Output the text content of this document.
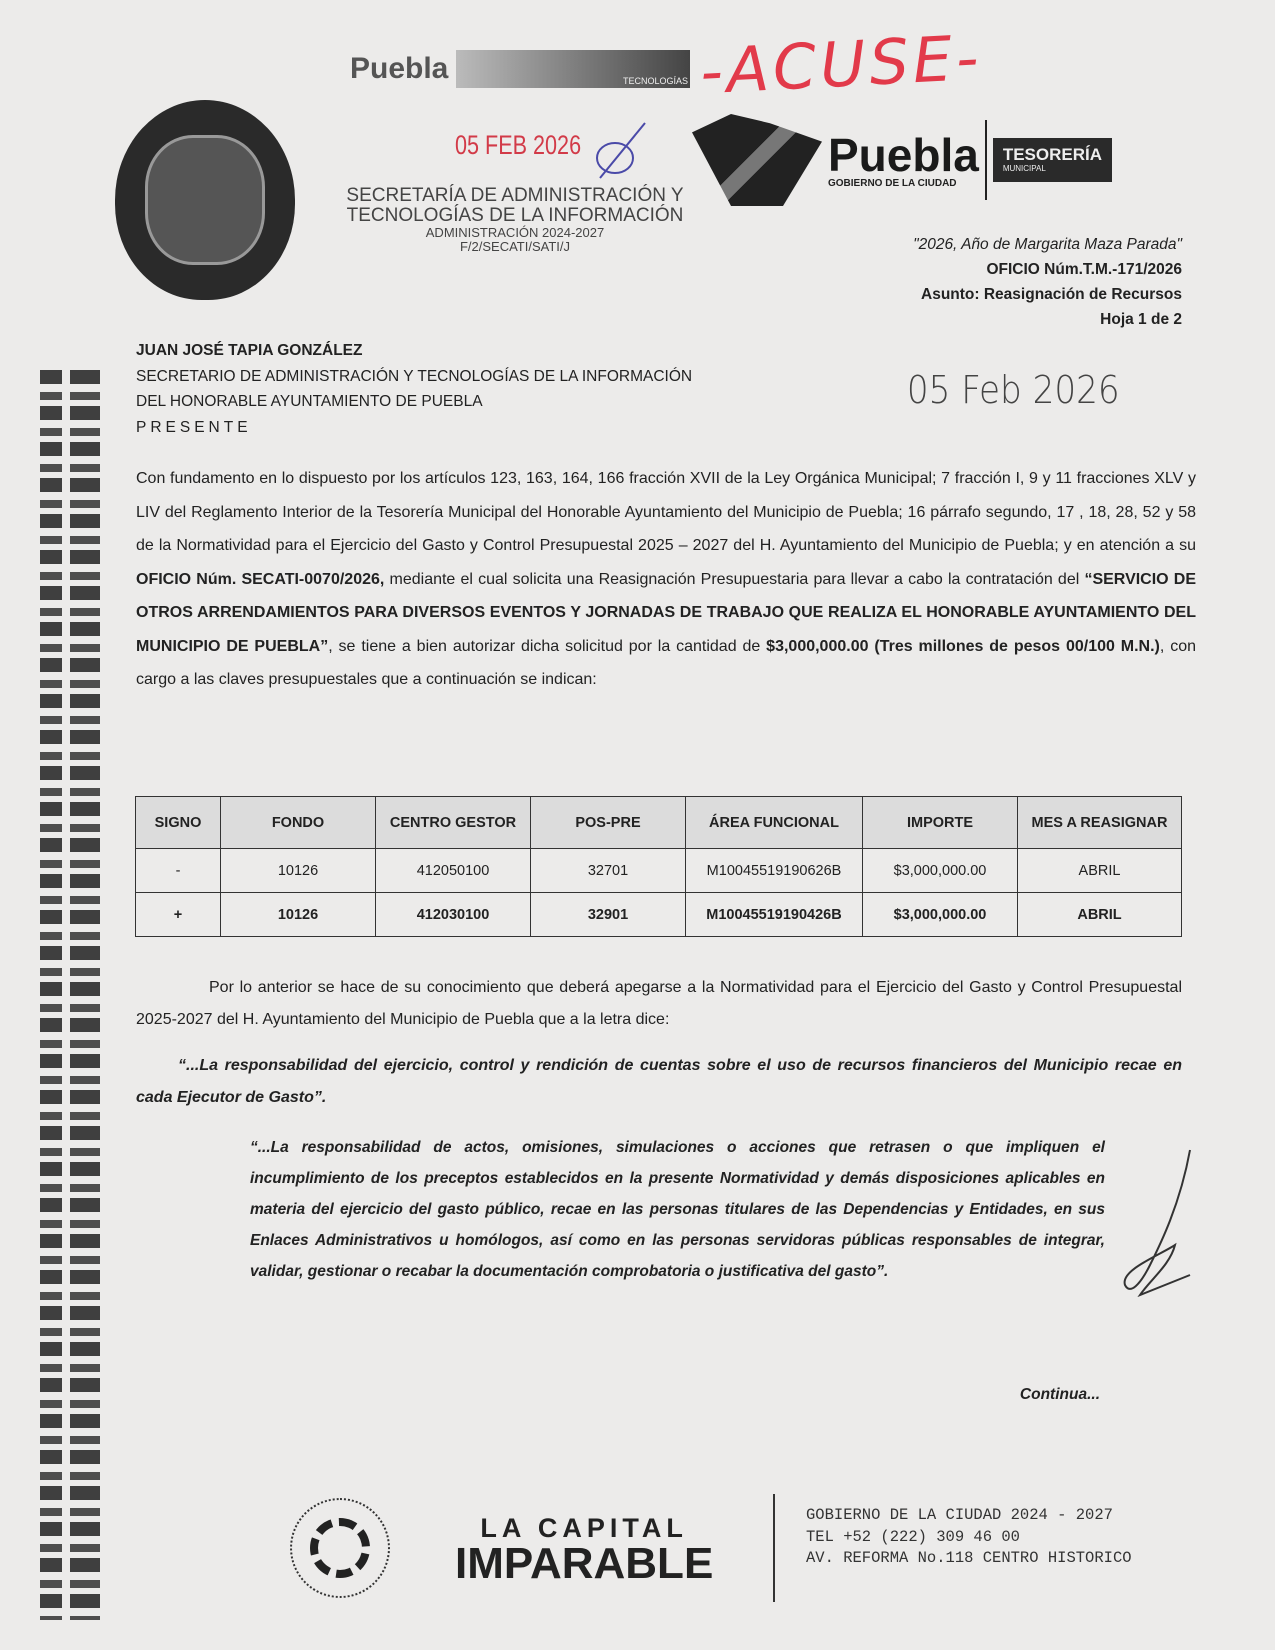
Puebla	TECNOLOGÍAS -ACUSE-
05 FEB 2026
SECRETARÍA DE ADMINISTRACIÓN Y
TECNOLOGÍAS DE LA INFORMACIÓN
ADMINISTRACIÓN 2024-2027
F/2/SECATI/SATI/J
Puebla
GOBIERNO DE LA CIUDAD
TESORERÍA
MUNICIPAL
"2026, Año de Margarita Maza Parada"
OFICIO Núm.T.M.-171/2026
Asunto: Reasignación de Recursos
Hoja 1 de 2
JUAN JOSÉ TAPIA GONZÁLEZ
SECRETARIO DE ADMINISTRACIÓN Y TECNOLOGÍAS DE LA INFORMACIÓN
DEL HONORABLE AYUNTAMIENTO DE PUEBLA
PRESENTE
05 Feb 2026
Con fundamento en lo dispuesto por los artículos 123, 163, 164, 166 fracción XVII de la Ley Orgánica Municipal; 7 fracción I, 9 y 11 fracciones XLV y LIV del Reglamento Interior de la Tesorería Municipal del Honorable Ayuntamiento del Municipio de Puebla; 16 párrafo segundo, 17 , 18, 28, 52 y 58 de la Normatividad para el Ejercicio del Gasto y Control Presupuestal 2025 – 2027 del H. Ayuntamiento del Municipio de Puebla; y en atención a su OFICIO Núm. SECATI-0070/2026, mediante el cual solicita una Reasignación Presupuestaria para llevar a cabo la contratación del “SERVICIO DE OTROS ARRENDAMIENTOS PARA DIVERSOS EVENTOS Y JORNADAS DE TRABAJO QUE REALIZA EL HONORABLE AYUNTAMIENTO DEL MUNICIPIO DE PUEBLA”, se tiene a bien autorizar dicha solicitud por la cantidad de $3,000,000.00 (Tres millones de pesos 00/100 M.N.), con cargo a las claves presupuestales que a continuación se indican:
SIGNO	FONDO	CENTRO GESTOR	POS-PRE	ÁREA FUNCIONAL	IMPORTE	MES A REASIGNAR
-	10126	412050100	32701	M10045519190626B	$3,000,000.00	ABRIL
+	10126	412030100	32901	M10045519190426B	$3,000,000.00	ABRIL
Por lo anterior se hace de su conocimiento que deberá apegarse a la Normatividad para el Ejercicio del Gasto y Control Presupuestal 2025-2027 del H. Ayuntamiento del Municipio de Puebla que a la letra dice:
“...La responsabilidad del ejercicio, control y rendición de cuentas sobre el uso de recursos financieros del Municipio recae en cada Ejecutor de Gasto”.
“...La responsabilidad de actos, omisiones, simulaciones o acciones que retrasen o que impliquen el incumplimiento de los preceptos establecidos en la presente Normatividad y demás disposiciones aplicables en materia del ejercicio del gasto público, recae en las personas titulares de las Dependencias y Entidades, en sus Enlaces Administrativos u homólogos, así como en las personas servidoras públicas responsables de integrar, validar, gestionar o recabar la documentación comprobatoria o justificativa del gasto”.
Continua...
LA CAPITAL
IMPARABLE
GOBIERNO DE LA CIUDAD 2024 - 2027
TEL +52 (222) 309 46 00
AV. REFORMA No.118 CENTRO HISTORICO
